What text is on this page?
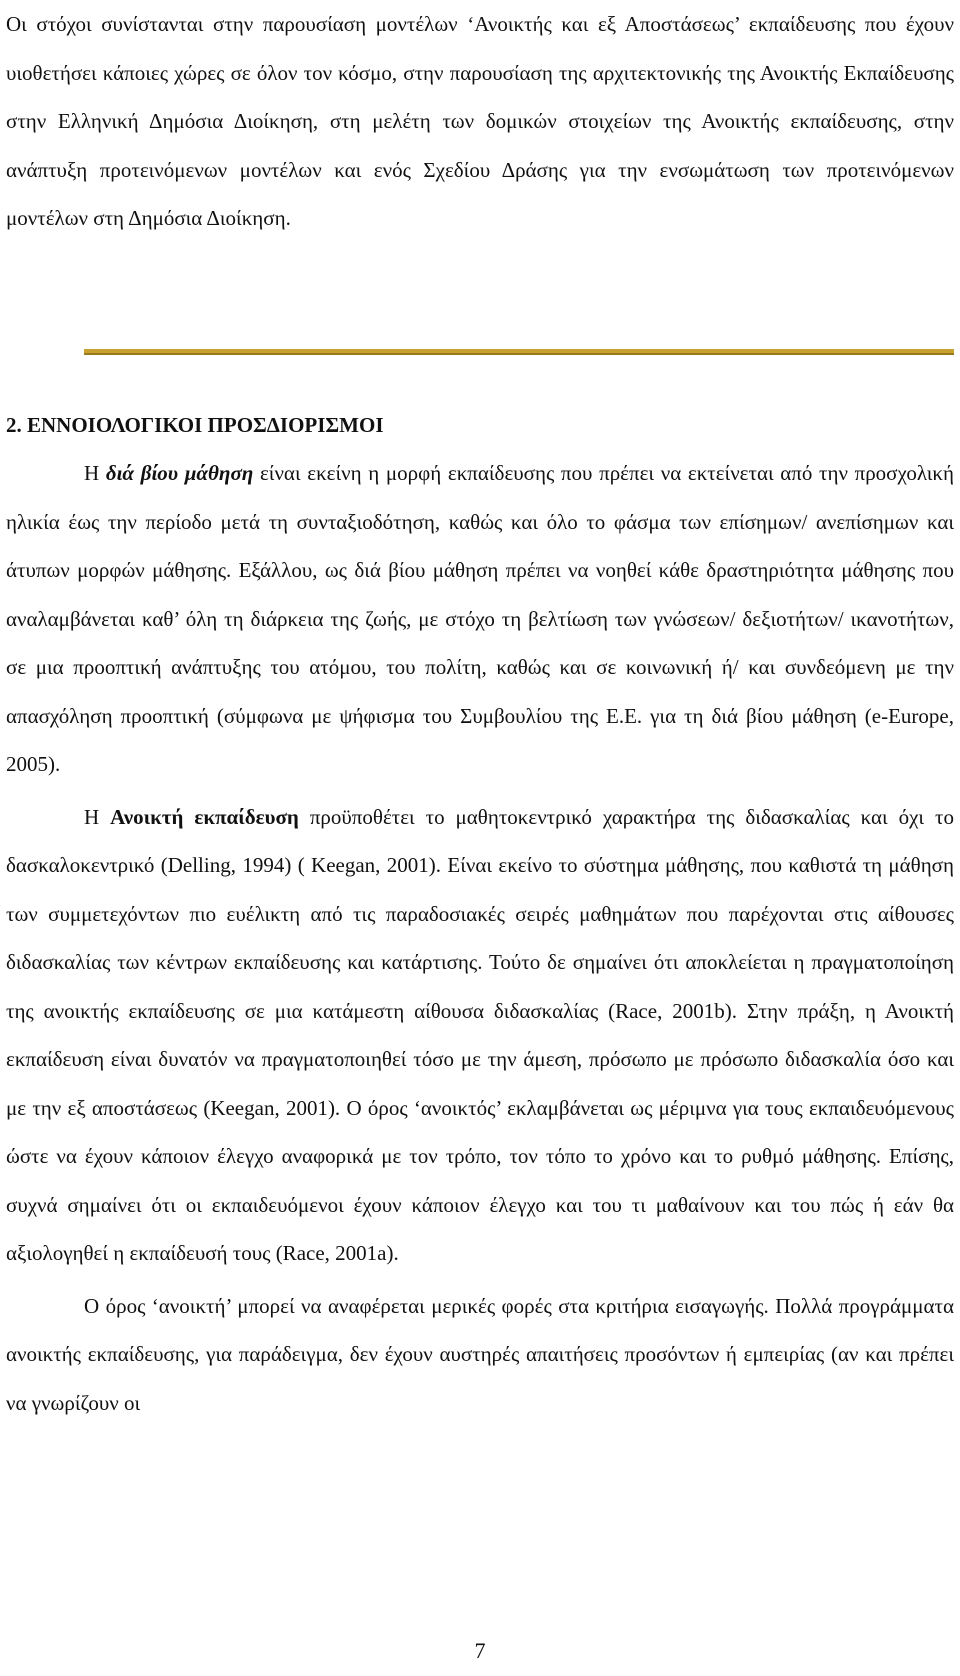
Οι στόχοι συνίστανται στην παρουσίαση μοντέλων ‘Ανοικτής και εξ Αποστάσεως’ εκπαίδευσης που έχουν υιοθετήσει κάποιες χώρες σε όλον τον κόσμο, στην παρουσίαση της αρχιτεκτονικής της Ανοικτής Εκπαίδευσης στην Ελληνική Δημόσια Διοίκηση, στη μελέτη των δομικών στοιχείων της Ανοικτής εκπαίδευσης, στην ανάπτυξη προτεινόμενων μοντέλων και ενός Σχεδίου Δράσης για την ενσωμάτωση των προτεινόμενων μοντέλων στη Δημόσια Διοίκηση.

2. ΕΝΝΟΙΟΛΟΓΙΚΟΙ ΠΡΟΣΔΙΟΡΙΣΜΟΙ

Η διά βίου μάθηση είναι εκείνη η μορφή εκπαίδευσης που πρέπει να εκτείνεται από την προσχολική ηλικία έως την περίοδο μετά τη συνταξιοδότηση, καθώς και όλο το φάσμα των επίσημων/ ανεπίσημων και άτυπων μορφών μάθησης. Εξάλλου, ως διά βίου μάθηση πρέπει να νοηθεί κάθε δραστηριότητα μάθησης που αναλαμβάνεται καθ’ όλη τη διάρκεια της ζωής, με στόχο τη βελτίωση των γνώσεων/ δεξιοτήτων/ ικανοτήτων, σε μια προοπτική ανάπτυξης του ατόμου, του πολίτη, καθώς και σε κοινωνική ή/ και συνδεόμενη με την απασχόληση προοπτική (σύμφωνα με ψήφισμα του Συμβουλίου της Ε.Ε. για τη διά βίου μάθηση (e-Europe, 2005).

Η Ανοικτή εκπαίδευση προϋποθέτει το μαθητοκεντρικό χαρακτήρα της διδασκαλίας και όχι το δασκαλοκεντρικό (Delling, 1994) ( Keegan, 2001). Είναι εκείνο το σύστημα μάθησης, που καθιστά τη μάθηση των συμμετεχόντων πιο ευέλικτη από τις παραδοσιακές σειρές μαθημάτων που παρέχονται στις αίθουσες διδασκαλίας των κέντρων εκπαίδευσης και κατάρτισης. Τούτο δε σημαίνει ότι αποκλείεται η πραγματοποίηση της ανοικτής εκπαίδευσης σε μια κατάμεστη αίθουσα διδασκαλίας (Race, 2001b). Στην πράξη, η Ανοικτή εκπαίδευση είναι δυνατόν να πραγματοποιηθεί τόσο με την άμεση, πρόσωπο με πρόσωπο διδασκαλία όσο και με την εξ αποστάσεως (Keegan, 2001). Ο όρος ‘ανοικτός’ εκλαμβάνεται ως μέριμνα για τους εκπαιδευόμενους ώστε να έχουν κάποιον έλεγχο αναφορικά με τον τρόπο, τον τόπο το χρόνο και το ρυθμό μάθησης. Επίσης, συχνά σημαίνει ότι οι εκπαιδευόμενοι έχουν κάποιον έλεγχο και του τι μαθαίνουν και του πώς ή εάν θα αξιολογηθεί η εκπαίδευσή τους (Race, 2001a).

Ο όρος ‘ανοικτή’ μπορεί να αναφέρεται μερικές φορές στα κριτήρια εισαγωγής. Πολλά προγράμματα ανοικτής εκπαίδευσης, για παράδειγμα, δεν έχουν αυστηρές απαιτήσεις προσόντων ή εμπειρίας (αν και πρέπει να γνωρίζουν οι

7
